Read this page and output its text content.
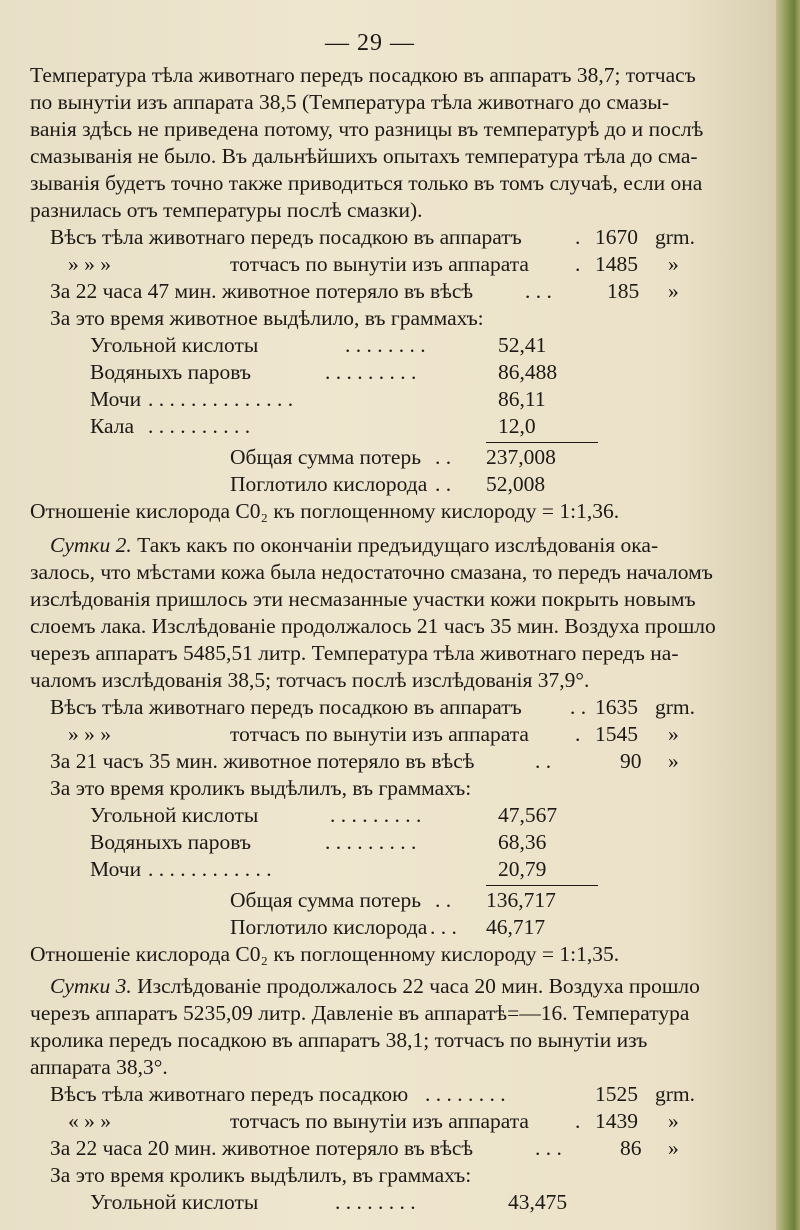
— 29 —
Температура тѣла животнаго передъ посадкою въ аппаратъ 38,7; тотчасъ
по вынутіи изъ аппарата 38,5 (Температура тѣла животнаго до смазы-
ванія здѣсь не приведена потому, что разницы въ температурѣ до и послѣ
смазыванія не было. Въ дальнѣйшихъ опытахъ температура тѣла до сма-
зыванія будетъ точно также приводиться только въ томъ случаѣ, если она
разнилась отъ температуры послѣ смазки).
Вѣсъ тѣла животнаго передъ посадкою въ аппаратъ . 1670 grm.
» » »	тотчасъ по вынутіи изъ аппарата . 1485 »
За 22 часа 47 мин. животное потеряло въ вѣсѣ . . .	185 »
За это время животное выдѣлило, въ граммахъ:
Угольной кислоты	. . . . . . . .	52,41
Водяныхъ паровъ	. . . . . . . . .	86,488
Мочи . . . . . . . . . . . . . .	86,11
Кала . . . . . . . . . .	12,0
Общая сумма потерь . . 237,008
Поглотило кислорода . . 52,008
Отношеніе кислорода С0₂ къ поглощенному кислороду = 1:1,36.
Сутки 2. Такъ какъ по окончаніи предъидущаго изслѣдованія ока-
залось, что мѣстами кожа была недостаточно смазана, то передъ началомъ
изслѣдованія пришлось эти несмазанные участки кожи покрыть новымъ
слоемъ лака. Изслѣдованіе продолжалось 21 часъ 35 мин. Воздуха прошло
черезъ аппаратъ 5485,51 литр. Температура тѣла животнаго передъ на-
чаломъ изслѣдованія 38,5; тотчасъ послѣ изслѣдованія 37,9°.
Вѣсъ тѣла животнаго передъ посадкою въ аппаратъ . . 1635 grm.
» » »	тотчасъ по вынутіи изъ аппарата . 1545 »
За 21 часъ 35 мин. животное потеряло въ вѣсѣ	. .	90 »
За это время кроликъ выдѣлилъ, въ граммахъ:
Угольной кислоты	. . . . . . . . .	47,567
Водяныхъ паровъ	. . . . . . . . .	68,36
Мочи . . . . . . . . . . . .	20,79
Общая сумма потерь . . 136,717
Поглотило кислорода . . . 46,717
Отношеніе кислорода С0₂ къ поглощенному кислороду = 1:1,35.
Сутки 3. Изслѣдованіе продолжалось 22 часа 20 мин. Воздуха прошло
черезъ аппаратъ 5235,09 литр. Давленіе въ аппаратѣ=—16. Температура
кролика передъ посадкою въ аппаратъ 38,1; тотчасъ по вынутіи изъ
аппарата 38,3°.
Вѣсъ тѣла животнаго передъ посадкою . . . . . . . .	1525 grm.
« » »	тотчасъ по вынутіи изъ аппарата . 1439 »
За 22 часа 20 мин. животное потеряло въ вѣсѣ	. . .	86 »
За это время кроликъ выдѣлилъ, въ граммахъ:
Угольной кислоты	. . . . . . . .	43,475
